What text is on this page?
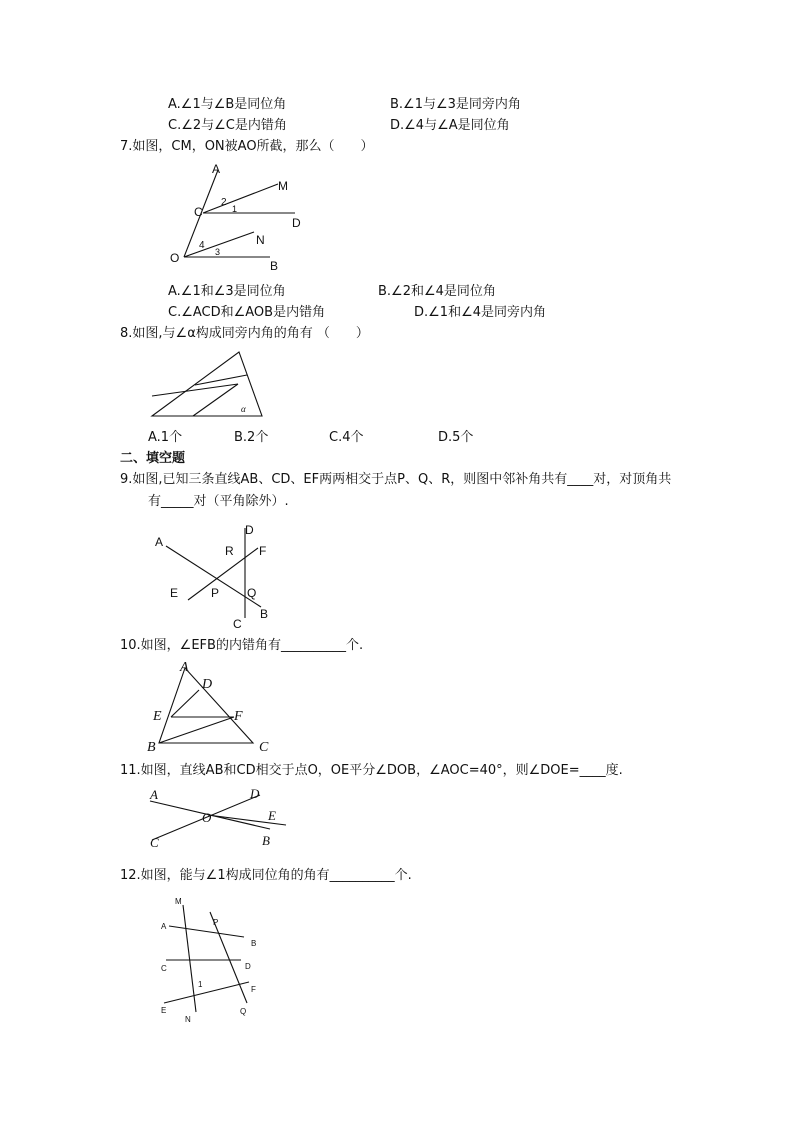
A.∠1与∠B是同位角	B.∠1与∠3是同旁内角
C.∠2与∠C是内错角	D.∠4与∠A是同位角
7.如图，CM，ON被AO所截，那么（　　）
A
M
C
D
O
N
B
2
1
4
3
A.∠1和∠3是同位角	B.∠2和∠4是同位角
C.∠ACD和∠AOB是内错角	D.∠1和∠4是同旁内角
8.如图,与∠α构成同旁内角的角有 （　　）
α
A.1个	B.2个	C.4个	D.5个
二、填空题
9.如图,已知三条直线AB、CD、EF两两相交于点P、Q、R，则图中邻补角共有____对，对顶角共
有_____对（平角除外）.
A
D
R F
E	P Q
B
C
10.如图，∠EFB的内错角有__________个.
A
D
E	F
B	C
11.如图，直线AB和CD相交于点O，OE平分∠DOB，∠AOC=40°，则∠DOE=____度.
A	D
O	E
C	B
12.如图，能与∠1构成同位角的角有__________个.
M
P
A
B
C	D
1
F
E	Q
N
